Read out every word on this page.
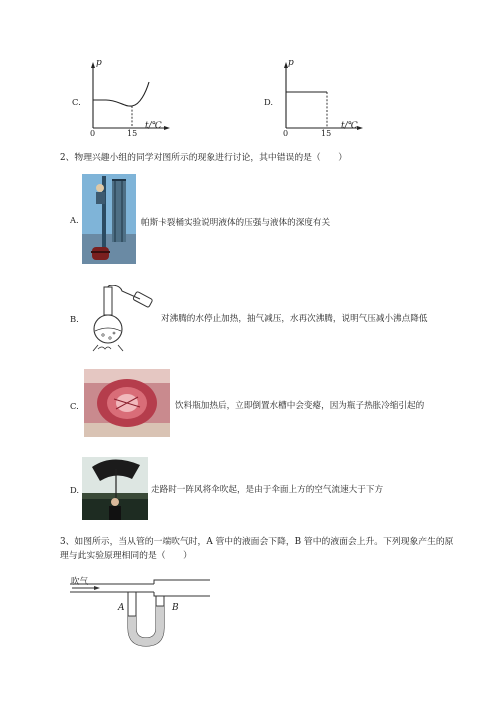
C.
p
0	15
t/℃
D.
p
0	15
t/℃
2、物理兴趣小组的同学对图所示的现象进行讨论，其中错误的是（　　）
A.	帕斯卡裂桶实验说明液体的压强与液体的深度有关
B.	对沸腾的水停止加热，抽气减压，水再次沸腾，说明气压减小沸点降低
C.	饮料瓶加热后，立即倒置水槽中会变瘪，因为瓶子热胀冷缩引起的
D.	走路时一阵风将伞吹起，是由于伞面上方的空气流速大于下方
3、如图所示，当从管的一端吹气时，A 管中的液面会下降，B 管中的液面会上升。下列现象产生的原
理与此实验原理相同的是（　　）
吹气
A	B
